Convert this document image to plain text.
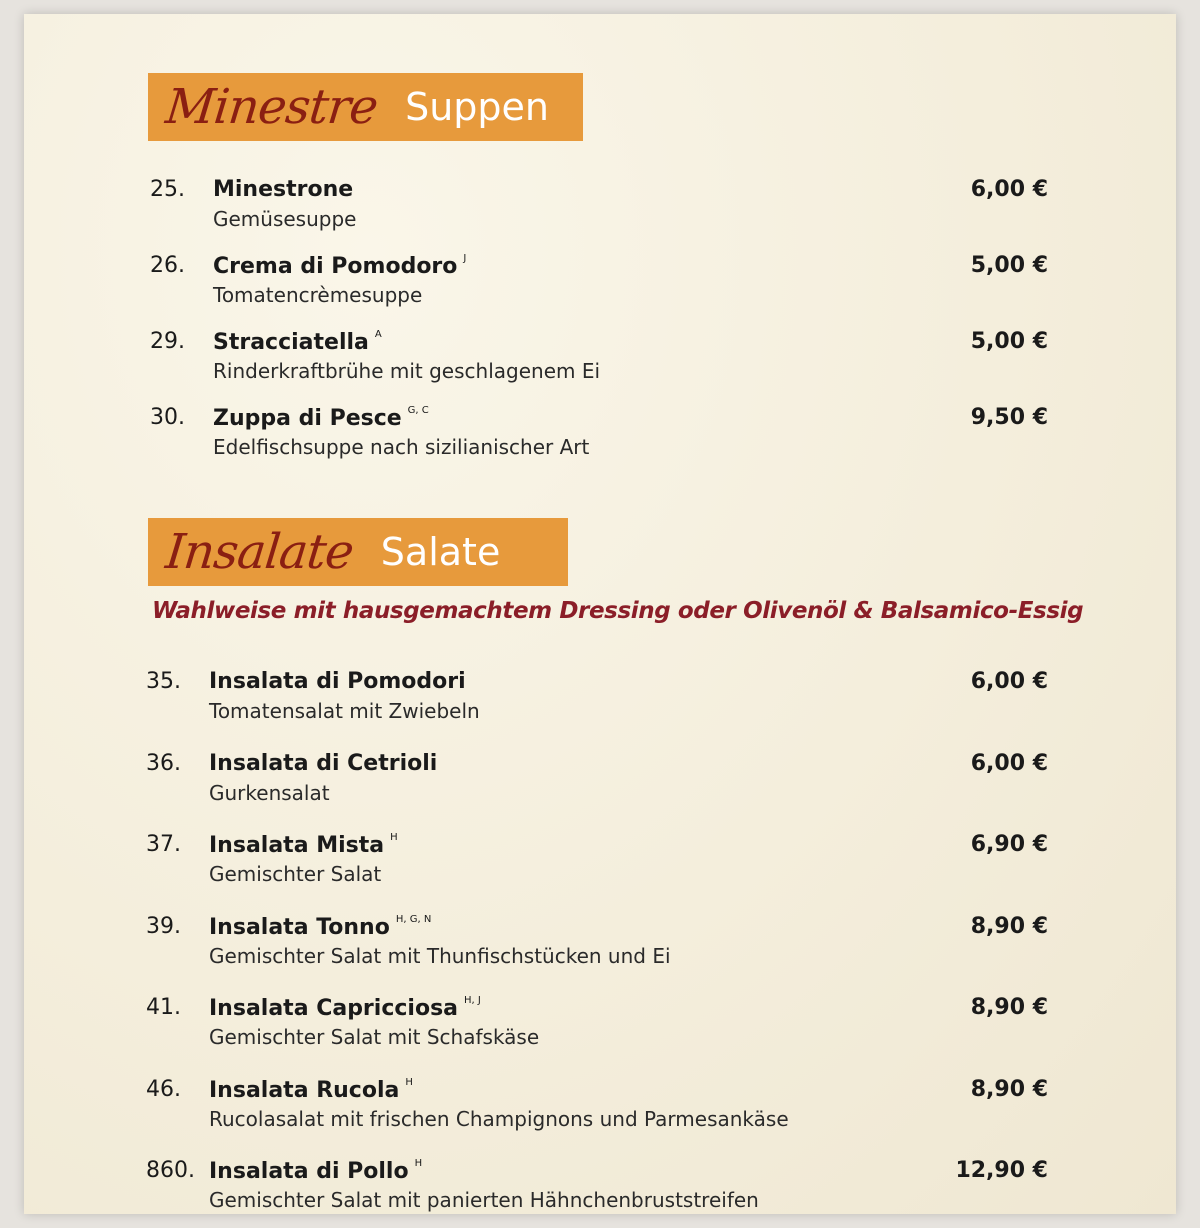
Minestre Suppen
25. Minestrone
Gemüsesuppe
6,00 €
26. Crema di Pomodoro $^J$
Tomatencrèmesuppe
5,00 €
29. Stracciatella $^A$
Rinderkraftbrühe mit geschlagenem Ei
5,00 €
30. Zuppa di Pesce $^{G, C}$
Edelfischsuppe nach sizilianischer Art
9,50 €
Insalate Salate
Wahlweise mit hausgemachtem Dressing oder Olivenöl & Balsamico-Essig
35. Insalata di Pomodori
Tomatensalat mit Zwiebeln
6,00 €
36. Insalata di Cetrioli
Gurkensalat
6,00 €
37. Insalata Mista $^H$
Gemischter Salat
6,90 €
39. Insalata Tonno $^{H, G, N}$
Gemischter Salat mit Thunfischstücken und Ei
8,90 €
41. Insalata Capricciosa $^{H, J}$
Gemischter Salat mit Schafskäse
8,90 €
46. Insalata Rucola $^H$
Rucolasalat mit frischen Champignons und Parmesankäse
8,90 €
860. Insalata di Pollo $^H$
Gemischter Salat mit panierten Hähnchenbruststreifen
12,90 €
